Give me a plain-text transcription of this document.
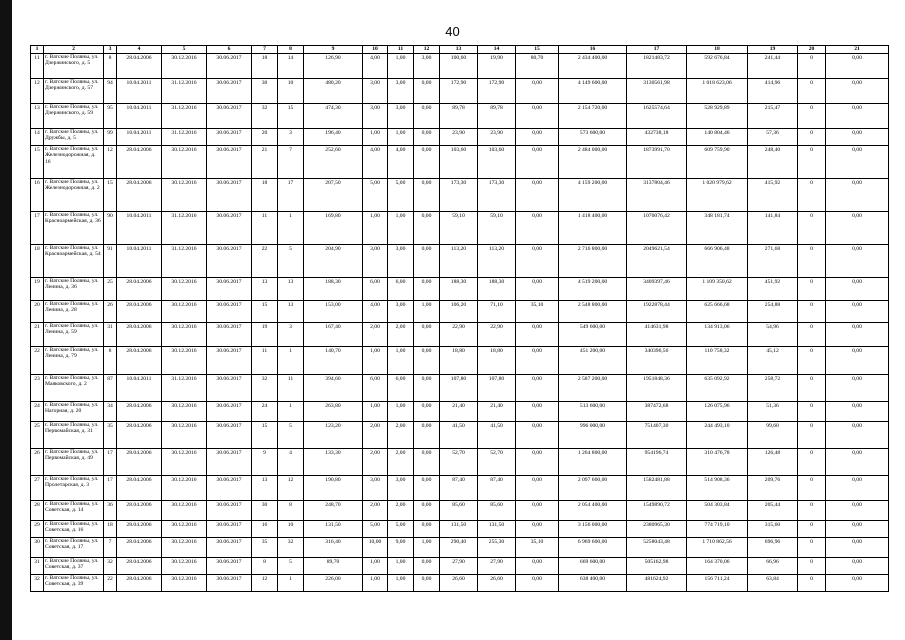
40
1	2	3	4	5	6	7	8	9	10	11	12	13	14	15	16	17	18	19	20	21
11	г. Ватские Поляны, ул. Дзержинского, д. 5	8	28.04.2006	30.12.2016	30.06.2017	18	14	126,90	4,00	1,00	3,00	100,60	19,90	80,70	2 434 400,00	1821483,72	592 676,84	241,44	0	0,00
12	г. Ватские Поляны, ул. Дзержинского, д. 57	94	10.04.2011	31.12.2016	30.06.2017	30	10	480,20	3,00	3,00	0,00	172,90	172,90	0,00	4 149 600,00	3130561,98	1 018 623,06	414,96	0	0,00
13	г. Ватские Поляны, ул. Дзержинского, д. 59	95	10.04.2011	31.12.2016	30.06.2017	32	15	474,30	3,00	3,00	0,00	89,78	89,78	0,00	2 154 720,00	1625574,64	528 929,89	215,47	0	0,00
14	г. Ватские Поляны, ул. Дружбы, д. 5	99	10.04.2011	31.12.2016	30.06.2017	20	3	196,40	1,00	1,00	0,00	23,90	23,90	0,00	573 600,00	432738,18	140 804,46	57,36	0	0,00
15	г. Ватские Поляны, ул. Железнодорожная, д. 16	12	28.04.2006	30.12.2016	30.06.2017	21	7	252,60	4,00	4,00	0,00	103,60	103,60	0,00	2 484 000,00	1873991,70	609 759,90	248,40	0	0,00
16	г. Ватские Поляны, ул. Железнодорожная, д. 2	15	28.04.2006	30.12.2016	30.06.2017	18	17	207,50	5,00	5,00	0,00	173,30	173,30	0,00	4 159 200,00	3137804,46	1 020 979,62	415,92	0	0,00
17	г. Ватские Поляны, ул. Красноармейская, д. 36	90	10.04.2011	31.12.2016	30.06.2017	11	1	169,80	1,00	1,00	0,00	59,10	59,10	0,00	1 418 400,00	1070076,42	348 181,74	141,84	0	0,00
18	г. Ватские Поляны, ул. Красноармейская, д. 54	91	10.04.2011	31.12.2016	30.06.2017	22	5	204,90	3,00	3,00	0,00	113,20	113,20	0,00	2 716 800,00	2049621,54	666 906,48	271,68	0	0,00
19	г. Ватские Поляны, ул. Ленина, д. 36	25	28.04.2006	30.12.2016	30.06.2017	13	13	188,30	6,00	6,00	0,00	188,30	188,30	0,00	4 519 200,00	3409397,46	1 109 350,62	451,92	0	0,00
20	г. Ватские Поляны, ул. Ленина, д. 28	26	28.04.2006	30.12.2016	30.06.2017	15	13	153,00	4,00	3,00	1,00	106,20	71,10	35,10	2 548 800,00	1922878,44	625 666,68	254,88	0	0,00
21	г. Ватские Поляны, ул. Ленина, д. 59	31	28.04.2006	30.12.2016	30.06.2017	19	3	167,40	2,00	2,00	0,00	22,90	22,90	0,00	549 600,00	414631,98	134 913,06	54,96	0	0,00
22	г. Ватские Поляны, ул. Ленина, д. 79	8	28.04.2006	30.12.2016	30.06.2017	11	1	140,70	1,00	1,00	0,00	18,80	18,80	0,00	451 200,00	340396,56	110 758,32	45,12	0	0,00
23	г. Ватские Поляны, ул. Маяковского, д. 2	87	10.04.2011	31.12.2016	30.06.2017	32	11	394,60	6,00	6,00	0,00	107,80	107,80	0,00	2 587 200,00	1951848,36	635 092,92	258,72	0	0,00
24	г. Ватские Поляны, ул. Нагорная, д. 20	34	28.04.2006	30.12.2016	30.06.2017	24	1	263,80	1,00	1,00	0,00	21,40	21,40	0,00	513 600,00	387472,68	126 075,96	51,36	0	0,00
25	г. Ватские Поляны, ул. Первомайская, д. 31	35	28.04.2006	30.12.2016	30.06.2017	15	5	123,20	2,00	2,00	0,00	41,50	41,50	0,00	996 000,00	751407,30	244 493,10	99,60	0	0,00
26	г. Ватские Поляны, ул. Первомайская, д. 49	17	28.04.2006	30.12.2016	30.06.2017	9	4	133,30	2,00	2,00	0,00	52,70	52,70	0,00	1 264 800,00	954196,74	310 476,78	126,48	0	0,00
27	г. Ватские Поляны, ул. Пролетарская, д. 3	17	28.04.2006	30.12.2016	30.06.2017	13	12	190,80	3,00	3,00	0,00	87,40	87,40	0,00	2 097 600,00	1582481,88	514 908,36	209,76	0	0,00
28	г. Ватские Поляны, ул. Советская, д. 14	36	28.04.2006	30.12.2016	30.06.2017	30	8	248,70	2,00	2,00	0,00	85,60	85,60	0,00	2 054 400,00	1549890,72	504 303,84	205,44	0	0,00
29	г. Ватские Поляны, ул. Советская, д. 16	18	28.04.2006	30.12.2016	30.06.2017	16	10	131,50	5,00	5,00	0,00	131,50	131,50	0,00	3 156 000,00	2380965,30	774 719,10	315,60	0	0,00
30	г. Ватские Поляны, ул. Советская, д. 17	7	28.04.2006	30.12.2016	30.06.2017	35	32	316,40	10,00	9,00	1,00	290,40	255,30	35,10	6 969 600,00	5258043,48	1 710 862,56	696,96	0	0,00
31	г. Ватские Поляны, ул. Советская, д. 37	32	28.04.2006	30.12.2016	30.06.2017	8	5	89,70	1,00	1,00	0,00	27,90	27,90	0,00	669 600,00	505162,98	164 370,06	66,96	0	0,00
32	г. Ватские Поляны, ул. Советская, д. 39	22	28.04.2006	30.12.2016	30.06.2017	12	1	226,00	1,00	1,00	0,00	26,60	26,60	0,00	638 400,00	481624,92	156 711,24	63,84	0	0,00
